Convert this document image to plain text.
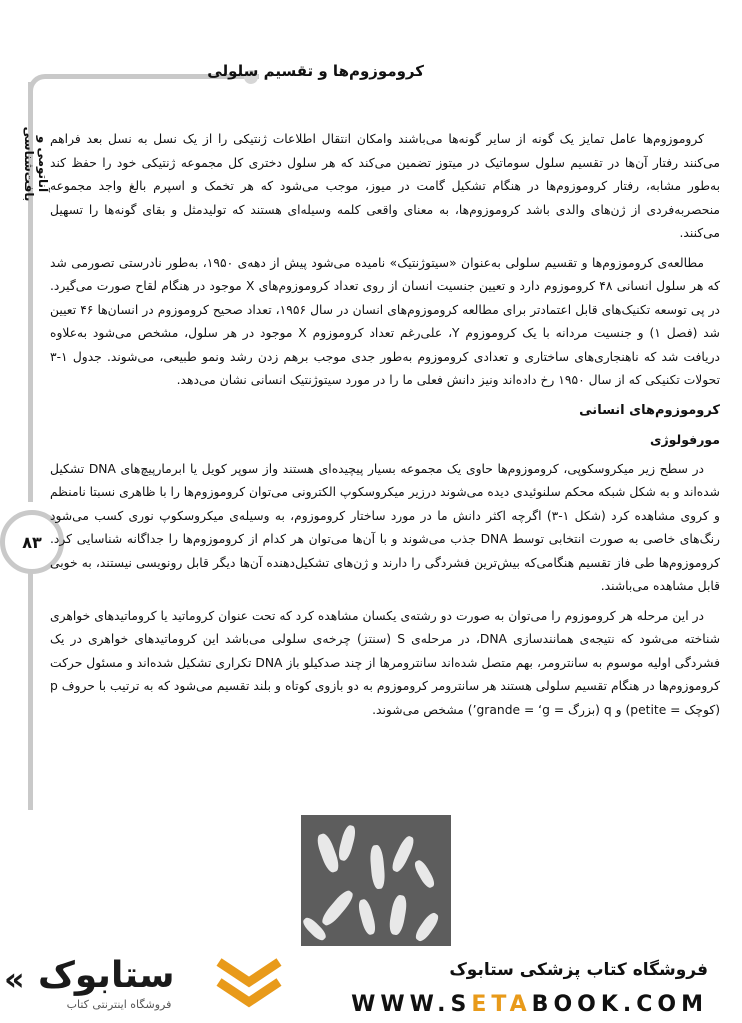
کروموزوم‌ها و تقسیم سلولی
آناتومی و بافت‌شناسی
۸۳

کروموزوم‌ها عامل تمایز یک گونه از سایر گونه‌ها می‌باشند وامکان انتقال اطلاعات ژنتیکی را از یک نسل به نسل بعد فراهم می‌کنند رفتار آن‌ها در تقسیم سلول سوماتیک در میتوز تضمین می‌کند که هر سلول دختری کل مجموعه ژنتیکی خود را حفظ کند به‌طور مشابه، رفتار کروموزوم‌ها در هنگام تشکیل گامت در میوز، موجب می‌شود که هر تخمک و اسپرم بالغ واجد مجموعه منحصربه‌فردی از ژن‌های والدی باشد کروموزوم‌ها، به معنای واقعی کلمه وسیله‌ای هستند که تولیدمثل و بقای گونه‌ها را تسهیل می‌کنند.

مطالعه‌ی کروموزوم‌ها و تقسیم سلولی به‌عنوان «سیتوژنتیک» نامیده می‌شود پیش از دهه‌ی ۱۹۵۰، به‌طور نادرستی تصورمی شد که هر سلول انسانی ۴۸ کروموزوم دارد و تعیین جنسیت انسان از روی تعداد کروموزوم‌های X موجود در هنگام لقاح صورت می‌گیرد. در پی توسعه تکنیک‌های قابل اعتمادتر برای مطالعه کروموزوم‌های انسان در سال ۱۹۵۶، تعداد صحیح کروموزوم در انسان‌ها ۴۶ تعیین شد (فصل ۱) و جنسیت مردانه با یک کروموزوم Y، علی‌رغم تعداد کروموزوم X موجود در هر سلول، مشخص می‌شود به‌علاوه دریافت شد که ناهنجاری‌های ساختاری و تعدادی کروموزوم به‌طور جدی موجب برهم زدن رشد ونمو طبیعی، می‌شوند. جدول ۱-۳ تحولات تکنیکی که از سال ۱۹۵۰ رخ داده‌اند ونیز دانش فعلی ما را در مورد سیتوژنتیک انسانی نشان می‌دهد.

کروموزوم‌های انسانی
مورفولوژی

در سطح زیر میکروسکوپی، کروموزوم‌ها حاوی یک مجموعه بسیار پیچیده‌ای هستند واز سوپر کویل یا ابرمارپیچ‌های DNA تشکیل شده‌اند و به شکل شبکه محکم سلنوئیدی دیده می‌شوند درزیر میکروسکوپ الکترونی می‌توان کروموزوم‌ها را با ظاهری نسبتا نامنظم و کروی مشاهده کرد (شکل ۱-۳) اگرچه اکثر دانش ما در مورد ساختار کروموزوم، به وسیله‌ی میکروسکوپ نوری کسب می‌شود رنگ‌های خاصی به صورت انتخابی توسط DNA جذب می‌شوند و با آن‌ها می‌توان هر کدام از کروموزوم‌ها را جداگانه شناسایی کرد. کروموزوم‌ها طی فاز تقسیم هنگامی‌که بیش‌ترین فشردگی را دارند و ژن‌های تشکیل‌دهنده آن‌ها دیگر قابل رونویسی نیستند، به خوبی قابل مشاهده می‌باشند.

در این مرحله هر کروموزوم را می‌توان به صورت دو رشته‌ی یکسان مشاهده کرد که تحت عنوان کروماتید یا کروماتیدهای خواهری شناخته می‌شود که نتیجه‌ی همانندسازی DNA، در مرحله‌ی S (سنتز) چرخه‌ی سلولی می‌باشد این کروماتیدهای خواهری در یک فشردگی اولیه موسوم به سانترومر، بهم متصل شده‌اند سانترومرها از چند صدکیلو باز DNA تکراری تشکیل شده‌اند و مسئول حرکت کروموزوم‌ها در هنگام تقسیم سلولی هستند هر سانترومر کروموزوم به دو بازوی کوتاه و بلند تقسیم می‌شود که به ترتیب با حروف p (کوچک = petite) و q (بزرگ = grande = ‘g’) مشخص می‌شوند.

فروشگاه کتاب پزشکی ستابوک
WWW.SETABOOK.COM
« ستابوک
فروشگاه اینترنتی کتاب
